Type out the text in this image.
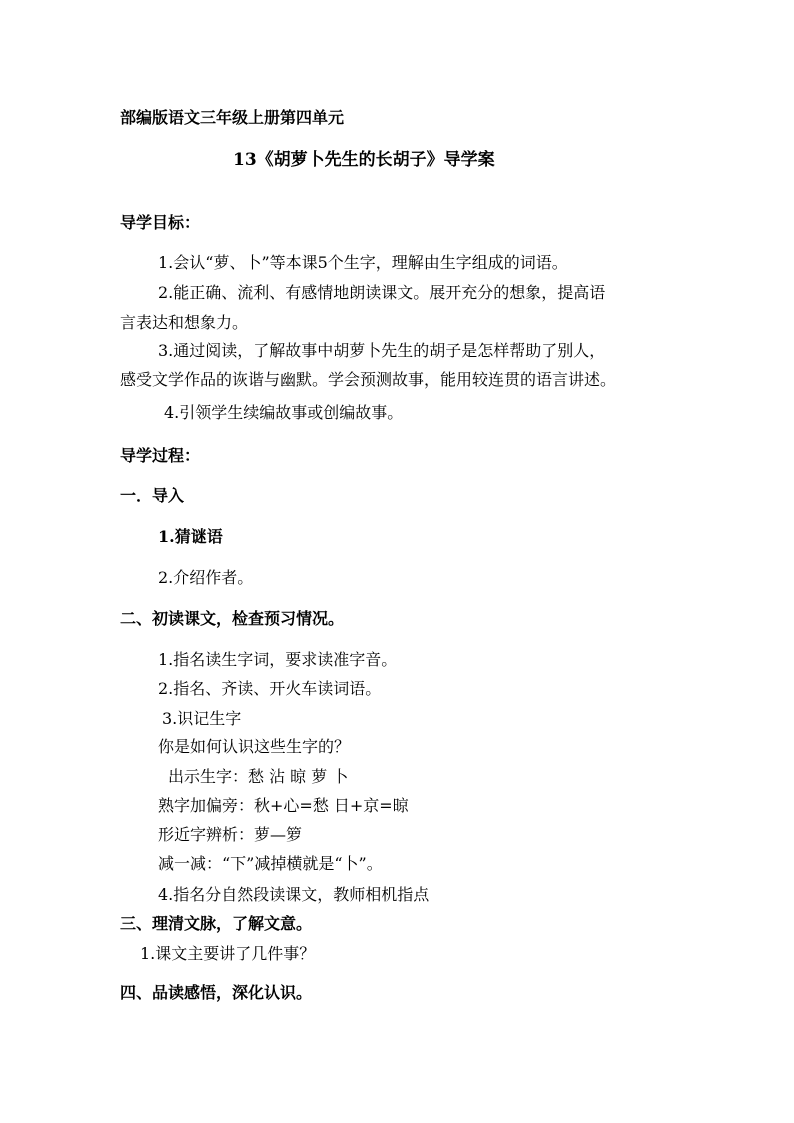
部编版语文三年级上册第四单元
13《胡萝卜先生的长胡子》导学案
导学目标：
1.会认“萝、卜”等本课5个生字，理解由生字组成的词语。
2.能正确、流利、有感情地朗读课文。展开充分的想象，提高语
言表达和想象力。
3.通过阅读，了解故事中胡萝卜先生的胡子是怎样帮助了别人，
感受文学作品的诙谐与幽默。学会预测故事，能用较连贯的语言讲述。
4.引领学生续编故事或创编故事。
导学过程：
一．导入
1.猜谜语
2.介绍作者。
二、初读课文，检查预习情况。
1.指名读生字词，要求读准字音。
2.指名、齐读、开火车读词语。
3.识记生字
你是如何认识这些生字的？
出示生字：愁 沾 晾 萝 卜
熟字加偏旁：秋+心=愁 日+京=晾
形近字辨析：萝—箩
减一减：“下”减掉横就是“卜”。
4.指名分自然段读课文，教师相机指点
三、理清文脉，了解文意。
1.课文主要讲了几件事？
四、品读感悟，深化认识。
